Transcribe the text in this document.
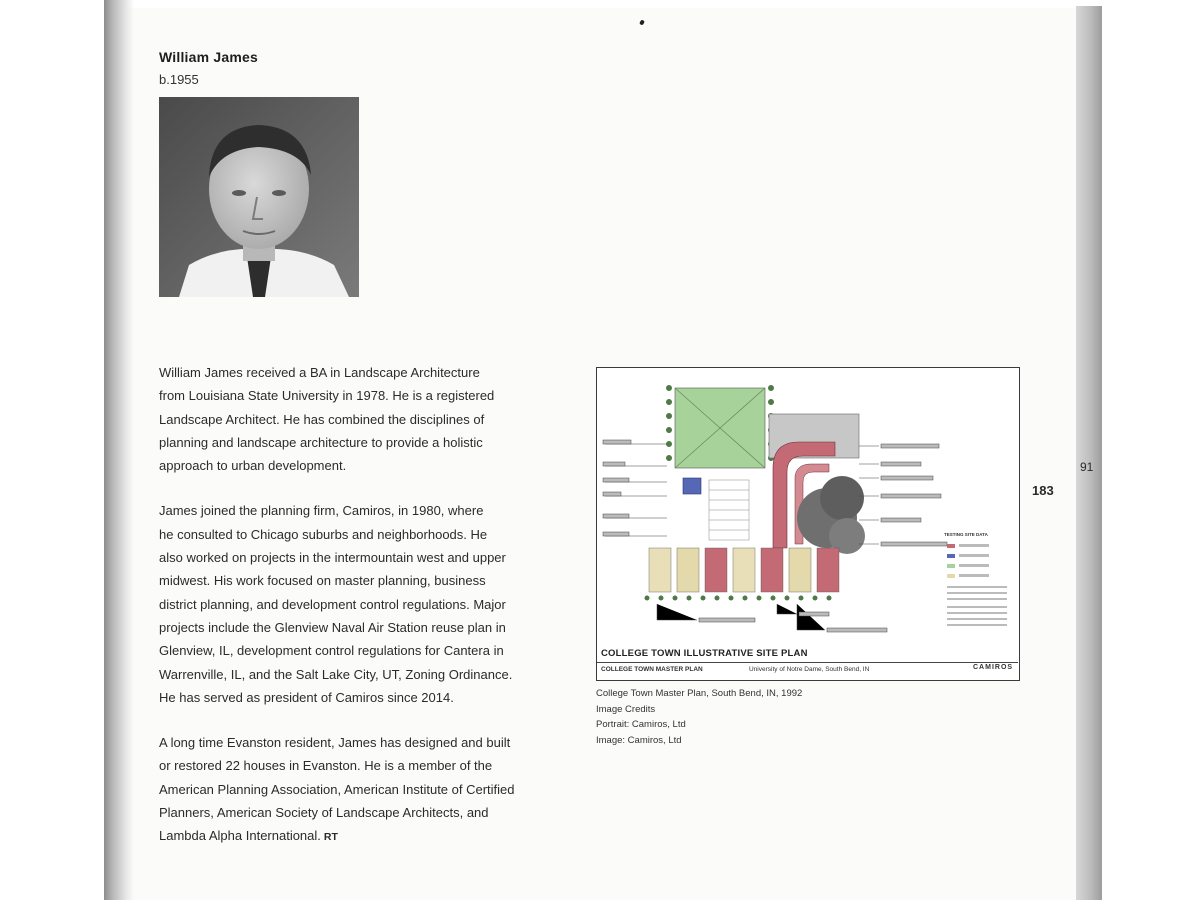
William James
b.1955

William James received a BA in Landscape Architecture
from Louisiana State University in 1978. He is a registered
Landscape Architect. He has combined the disciplines of
planning and landscape architecture to provide a holistic
approach to urban development.

James joined the planning firm, Camiros, in 1980, where
he consulted to Chicago suburbs and neighborhoods. He
also worked on projects in the intermountain west and upper
midwest. His work focused on master planning, business
district planning, and development control regulations. Major
projects include the Glenview Naval Air Station reuse plan in
Glenview, IL, development control regulations for Cantera in
Warrenville, IL, and the Salt Lake City, UT, Zoning Ordinance.
He has served as president of Camiros since 2014.

A long time Evanston resident, James has designed and built
or restored 22 houses in Evanston. He is a member of the
American Planning Association, American Institute of Certified
Planners, American Society of Landscape Architects, and
Lambda Alpha International. RT

183
91
TESTING SITE DATA
COLLEGE TOWN ILLUSTRATIVE SITE PLAN
COLLEGE TOWN MASTER PLAN	University of Notre Dame, South Bend, IN	CAMIROS
College Town Master Plan, South Bend, IN, 1992
Image Credits
Portrait: Camiros, Ltd
Image: Camiros, Ltd
